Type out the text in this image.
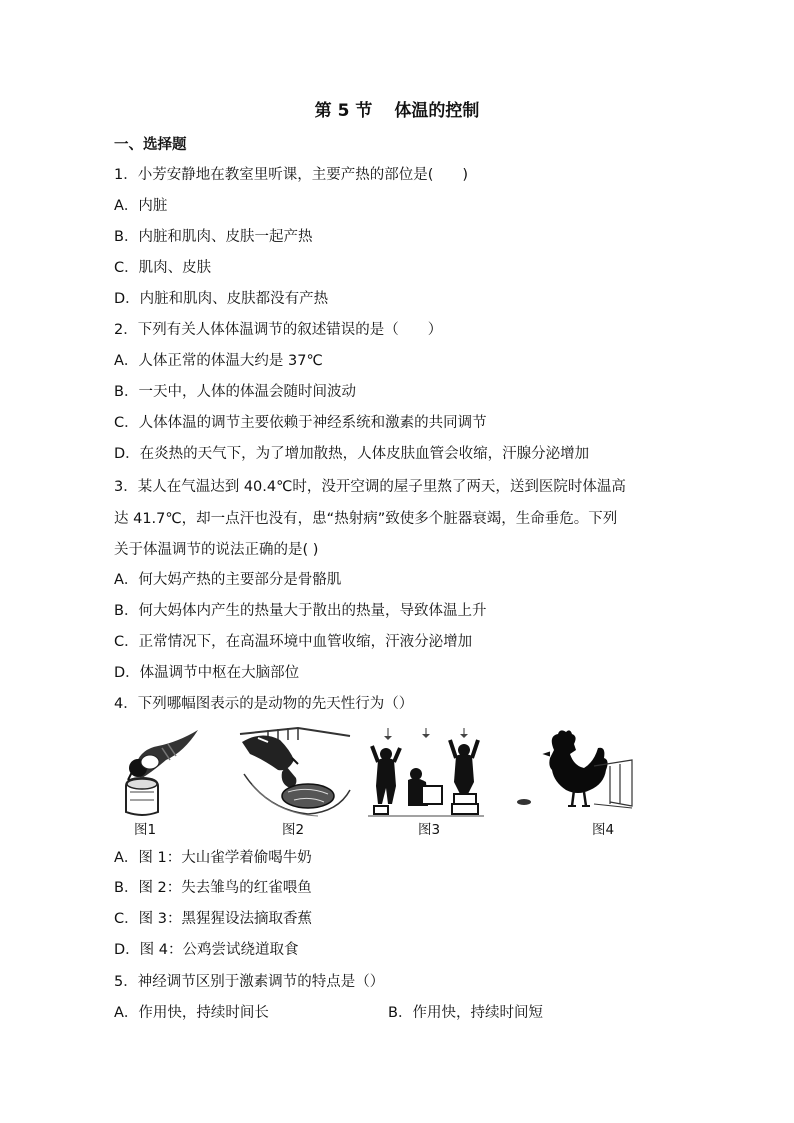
第 5 节 体温的控制
一、选择题
1．小芳安静地在教室里听课，主要产热的部位是(　　)
A．内脏
B．内脏和肌肉、皮肤一起产热
C．肌肉、皮肤
D．内脏和肌肉、皮肤都没有产热
2．下列有关人体体温调节的叙述错误的是（　　）
A．人体正常的体温大约是 37℃
B．一天中，人体的体温会随时间波动
C．人体体温的调节主要依赖于神经系统和激素的共同调节
D．在炎热的天气下，为了增加散热，人体皮肤血管会收缩，汗腺分泌增加
3．某人在气温达到 40.4℃时，没开空调的屋子里熬了两天，送到医院时体温高
达 41.7℃，却一点汗也没有，患“热射病”致使多个脏器衰竭，生命垂危。下列
关于体温调节的说法正确的是( )
A．何大妈产热的主要部分是骨骼肌
B．何大妈体内产生的热量大于散出的热量，导致体温上升
C．正常情况下，在高温环境中血管收缩，汗液分泌增加
D．体温调节中枢在大脑部位
4．下列哪幅图表示的是动物的先天性行为（）
图1	图2	图3	图4
A．图 1：大山雀学着偷喝牛奶
B．图 2：失去雏鸟的红雀喂鱼
C．图 3：黑猩猩设法摘取香蕉
D．图 4：公鸡尝试绕道取食
5．神经调节区别于激素调节的特点是（）
A．作用快，持续时间长	B．作用快，持续时间短
